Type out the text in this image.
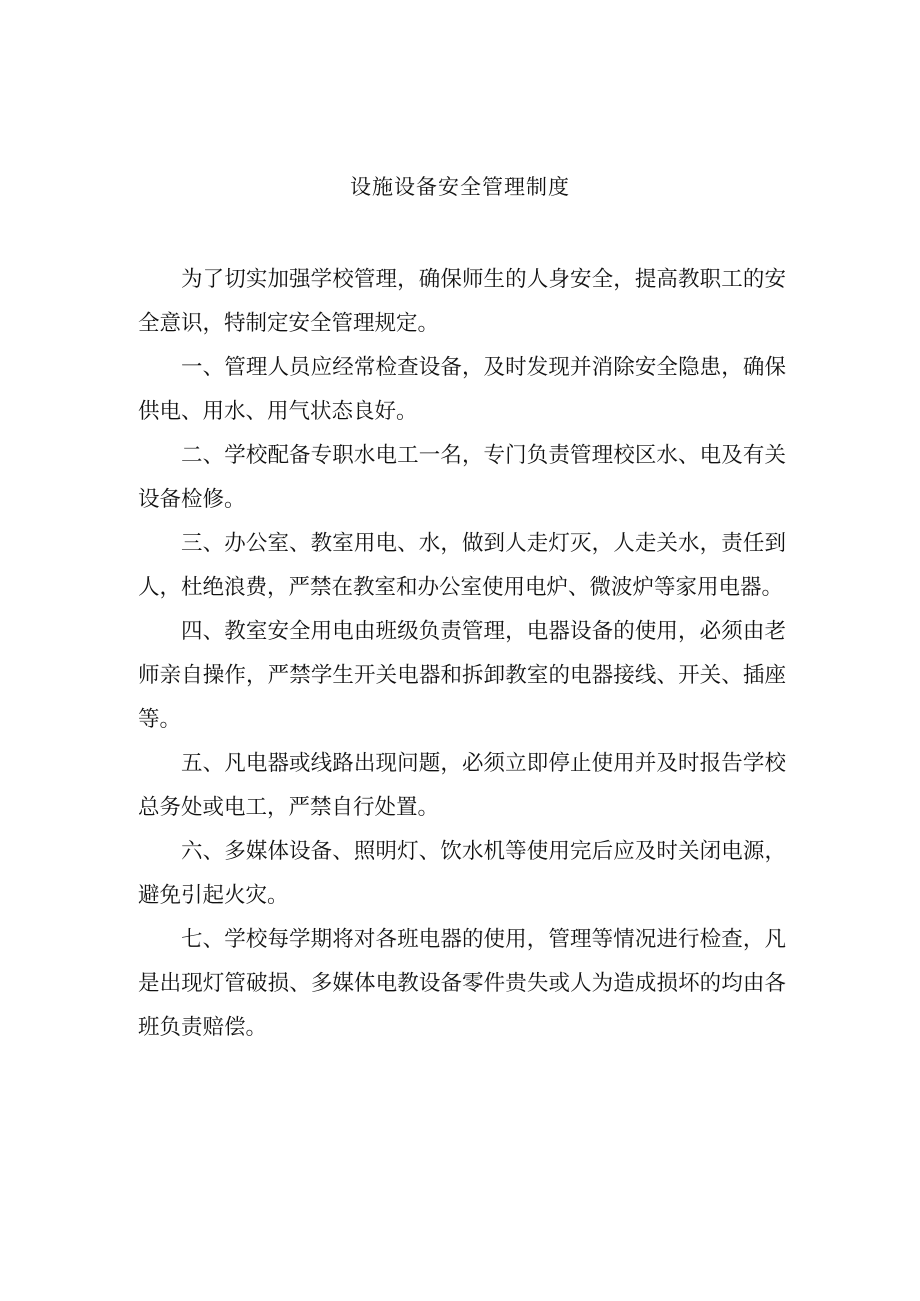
设施设备安全管理制度

为了切实加强学校管理，确保师生的人身安全，提高教职工的安全意识，特制定安全管理规定。

一、管理人员应经常检查设备，及时发现并消除安全隐患，确保供电、用水、用气状态良好。

二、学校配备专职水电工一名，专门负责管理校区水、电及有关设备检修。

三、办公室、教室用电、水，做到人走灯灭，人走关水，责任到人，杜绝浪费，严禁在教室和办公室使用电炉、微波炉等家用电器。

四、教室安全用电由班级负责管理，电器设备的使用，必须由老师亲自操作，严禁学生开关电器和拆卸教室的电器接线、开关、插座等。

五、凡电器或线路出现问题，必须立即停止使用并及时报告学校总务处或电工，严禁自行处置。

六、多媒体设备、照明灯、饮水机等使用完后应及时关闭电源，避免引起火灾。

七、学校每学期将对各班电器的使用，管理等情况进行检查，凡是出现灯管破损、多媒体电教设备零件贵失或人为造成损坏的均由各班负责赔偿。
